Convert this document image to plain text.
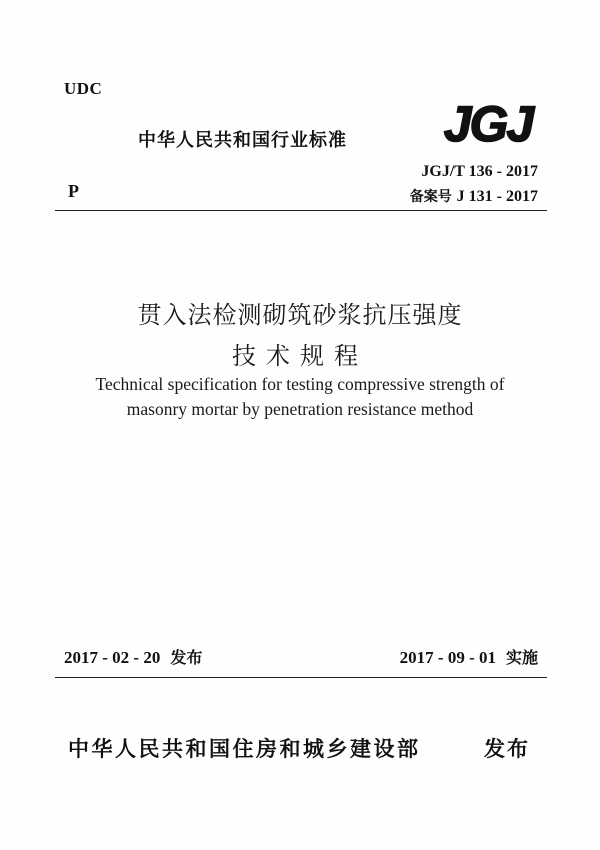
UDC
中华人民共和国行业标准 JGJ
P
JGJ/T 136 - 2017
备案号 J 131 - 2017
贯入法检测砌筑砂浆抗压强度
技术规程
Technical specification for testing compressive strength of
masonry mortar by penetration resistance method
2017 - 02 - 20 发布	2017 - 09 - 01 实施
中华人民共和国住房和城乡建设部	发布
